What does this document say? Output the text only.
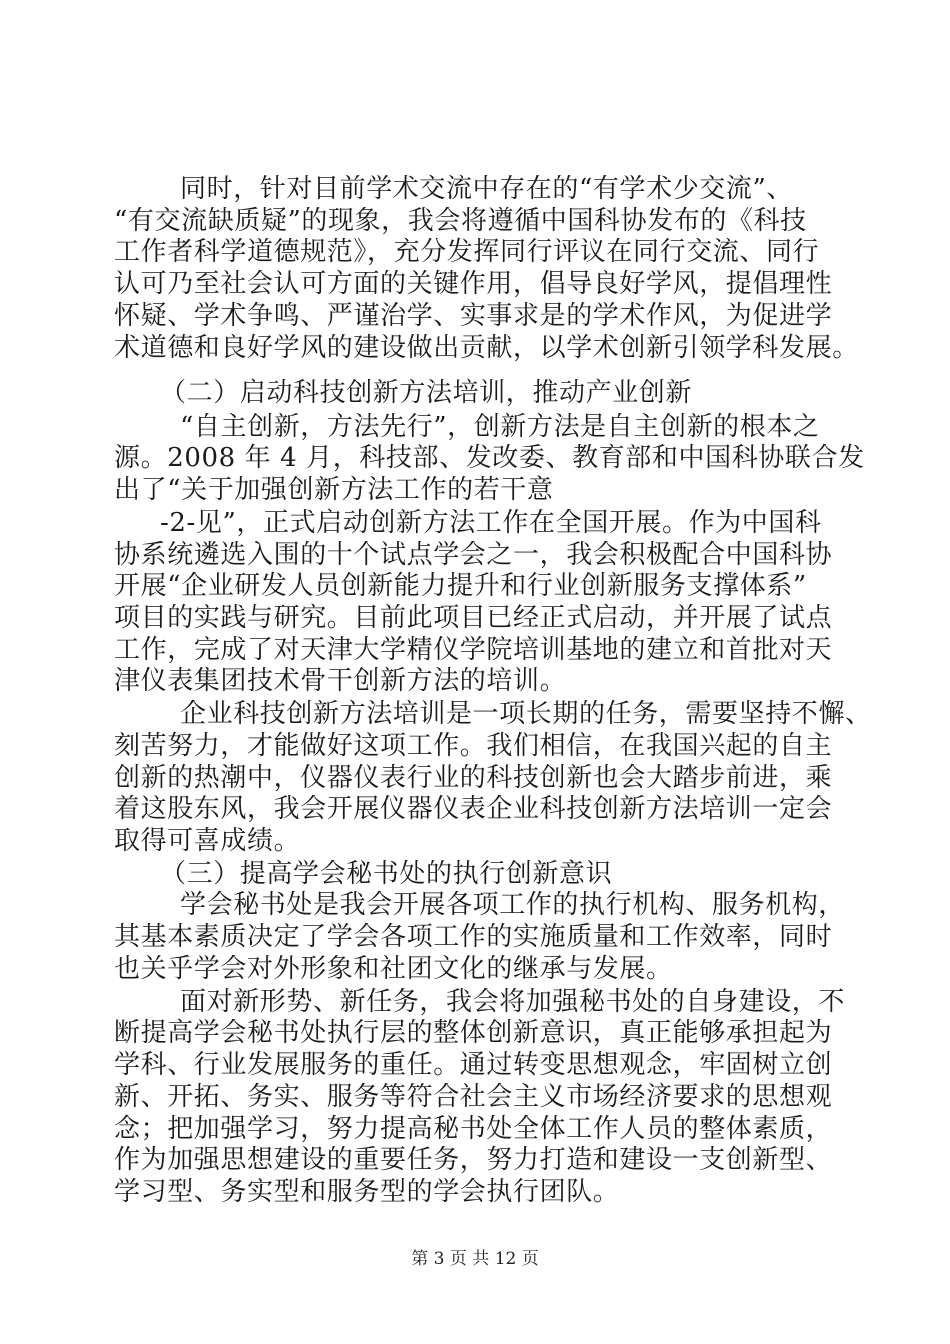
同时，针对目前学术交流中存在的“有学术少交流”、
“有交流缺质疑”的现象，我会将遵循中国科协发布的《科技
工作者科学道德规范》，充分发挥同行评议在同行交流、同行
认可乃至社会认可方面的关键作用，倡导良好学风，提倡理性
怀疑、学术争鸣、严谨治学、实事求是的学术作风，为促进学
术道德和良好学风的建设做出贡献，以学术创新引领学科发展。
（二）启动科技创新方法培训，推动产业创新
“自主创新，方法先行”，创新方法是自主创新的根本之
源。2008 年 4 月，科技部、发改委、教育部和中国科协联合发
出了“关于加强创新方法工作的若干意
-2-见”，正式启动创新方法工作在全国开展。作为中国科
协系统遴选入围的十个试点学会之一，我会积极配合中国科协
开展“企业研发人员创新能力提升和行业创新服务支撑体系”
项目的实践与研究。目前此项目已经正式启动，并开展了试点
工作，完成了对天津大学精仪学院培训基地的建立和首批对天
津仪表集团技术骨干创新方法的培训。
企业科技创新方法培训是一项长期的任务，需要坚持不懈、
刻苦努力，才能做好这项工作。我们相信，在我国兴起的自主
创新的热潮中，仪器仪表行业的科技创新也会大踏步前进，乘
着这股东风，我会开展仪器仪表企业科技创新方法培训一定会
取得可喜成绩。
（三）提高学会秘书处的执行创新意识
学会秘书处是我会开展各项工作的执行机构、服务机构，
其基本素质决定了学会各项工作的实施质量和工作效率，同时
也关乎学会对外形象和社团文化的继承与发展。
面对新形势、新任务，我会将加强秘书处的自身建设，不
断提高学会秘书处执行层的整体创新意识，真正能够承担起为
学科、行业发展服务的重任。通过转变思想观念，牢固树立创
新、开拓、务实、服务等符合社会主义市场经济要求的思想观
念；把加强学习，努力提高秘书处全体工作人员的整体素质，
作为加强思想建设的重要任务，努力打造和建设一支创新型、
学习型、务实型和服务型的学会执行团队。
第 3 页 共 12 页
